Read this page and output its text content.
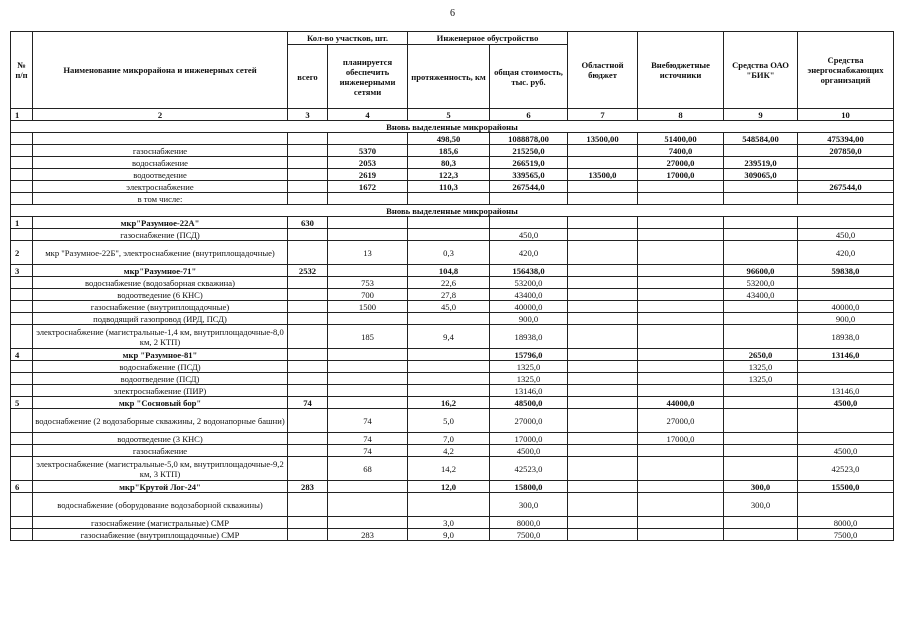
6
№ п/п	Наименование микрорайона и инженерных сетей	Кол-во участков, шт.		Инженерное обустройство		Областной бюджет	Внебюджетные источники	Средства ОАО "БИК"	Средства энергоснабжающих организаций
		всего	планируется обеспечить инженерными сетями	протяженность, км	общая стоимость, тыс. руб.				
1	2	3	4	5	6	7	8	9	10
Вновь выделенные микрорайоны									
				498,50	1088878,00	13500,00	51400,00	548584,00	475394,00
	газоснабжение		5370	185,6	215250,0		7400,0		207850,0
	водоснабжение		2053	80,3	266519,0		27000,0	239519,0	
	водоотведение		2619	122,3	339565,0	13500,0	17000,0	309065,0	
	электроснабжение		1672	110,3	267544,0				267544,0
	в том числе:								
Вновь выделенные микрорайоны									
1	мкр"Разумное-22А"	630							
	газоснабжение (ПСД)				450,0				450,0
2	мкр "Разумное-22Б", электроснабжение (внутриплощадочные)		13	0,3	420,0				420,0
3	мкр"Разумное-71"	2532		104,8	156438,0			96600,0	59838,0
	водоснабжение (водозаборная скважина)		753	22,6	53200,0			53200,0	
	водоотведение (6 КНС)		700	27,8	43400,0			43400,0	
	газоснабжение (внутриплощадочные)		1500	45,0	40000,0				40000,0
	подводящий газопровод (ИРД, ПСД)				900,0				900,0
	электроснабжение (магистральные-1,4 км, внутриплощадочные-8,0 км, 2 КТП)		185	9,4	18938,0				18938,0
4	мкр "Разумное-81"				15796,0			2650,0	13146,0
	водоснабжение (ПСД)				1325,0			1325,0	
	водоотведение (ПСД)				1325,0			1325,0	
	электроснабжение (ПИР)				13146,0				13146,0
5	мкр "Сосновый бор"	74		16,2	48500,0		44000,0		4500,0
	водоснабжение (2 водозаборные скважины, 2 водонапорные башни)		74	5,0	27000,0		27000,0		
	водоотведение (3 КНС)		74	7,0	17000,0		17000,0		
	газоснабжение		74	4,2	4500,0				4500,0
	электроснабжение (магистральные-5,0 км, внутриплощадочные-9,2 км, 3 КТП)		68	14,2	42523,0				42523,0
6	мкр"Крутой Лог-24"	283		12,0	15800,0			300,0	15500,0
	водоснабжение (оборудование водозаборной скважины)				300,0			300,0	
	газоснабжение (магистральные) СМР			3,0	8000,0				8000,0
	газоснабжение (внутриплощадочные) СМР		283	9,0	7500,0				7500,0
